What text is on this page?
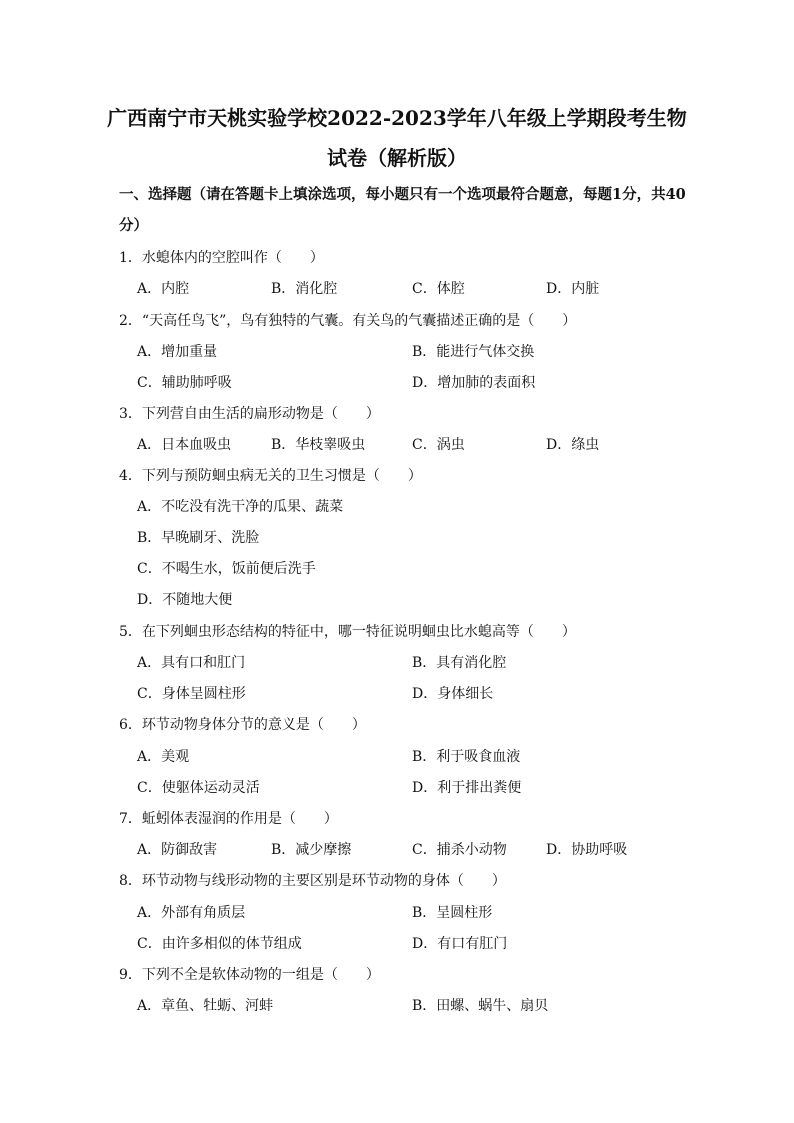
广西南宁市天桃实验学校2022-2023学年八年级上学期段考生物
试卷（解析版）
一、选择题（请在答题卡上填涂选项，每小题只有一个选项最符合题意，每题1分，共40
分）
1．水螅体内的空腔叫作（　　）
A．内腔	B．消化腔	C．体腔	D．内脏
2．“天高任鸟飞”，鸟有独特的气囊。有关鸟的气囊描述正确的是（　　）
A．增加重量	B．能进行气体交换
C．辅助肺呼吸	D．增加肺的表面积
3．下列营自由生活的扁形动物是（　　）
A．日本血吸虫	B．华枝睾吸虫	C．涡虫	D．绦虫
4．下列与预防蛔虫病无关的卫生习惯是（　　）
A．不吃没有洗干净的瓜果、蔬菜
B．早晚刷牙、洗脸
C．不喝生水，饭前便后洗手
D．不随地大便
5．在下列蛔虫形态结构的特征中，哪一特征说明蛔虫比水螅高等（　　）
A．具有口和肛门	B．具有消化腔
C．身体呈圆柱形	D．身体细长
6．环节动物身体分节的意义是（　　）
A．美观	B．利于吸食血液
C．使躯体运动灵活	D．利于排出粪便
7．蚯蚓体表湿润的作用是（　　）
A．防御敌害	B．减少摩擦	C．捕杀小动物	D．协助呼吸
8．环节动物与线形动物的主要区别是环节动物的身体（　　）
A．外部有角质层	B．呈圆柱形
C．由许多相似的体节组成	D．有口有肛门
9．下列不全是软体动物的一组是（　　）
A．章鱼、牡蛎、河蚌	B．田螺、蜗牛、扇贝
